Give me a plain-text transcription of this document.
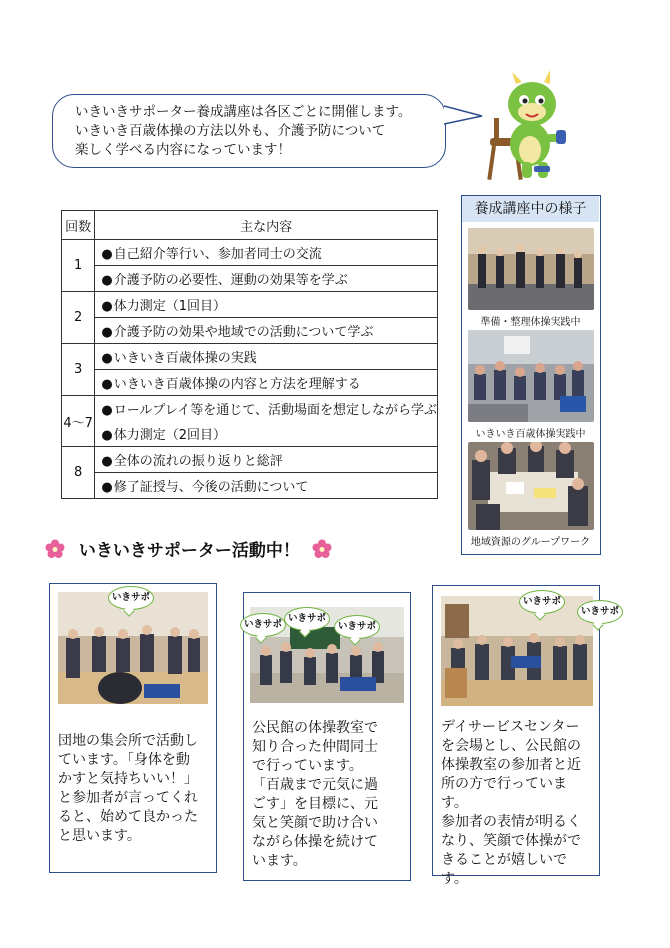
いきいきサポーター養成講座は各区ごとに開催します。
いきいき百歳体操の方法以外も、介護予防について
楽しく学べる内容になっています！
回数	主な内容
1	●自己紹介等行い、参加者同士の交流
	●介護予防の必要性、運動の効果等を学ぶ
2	●体力測定（1回目）
	●介護予防の効果や地域での活動について学ぶ
3	●いきいき百歳体操の実践
	●いきいき百歳体操の内容と方法を理解する
4～7	●ロールプレイ等を通じて、活動場面を想定しながら学ぶ
	●体力測定（2回目）
8	●全体の流れの振り返りと総評
	●修了証授与、今後の活動について
養成講座中の様子
準備・整理体操実践中
いきいき百歳体操実践中
地域資源のグループワーク
いきいきサポーター活動中！
いきサポ
団地の集会所で活動し
ています。「身体を動
かすと気持ちいい！」
と参加者が言ってくれ
ると、始めて良かった
と思います。
いきサポ
いきサポ
いきサポ
公民館の体操教室で
知り合った仲間同士
で行っています。
「百歳まで元気に過
ごす」を目標に、元
気と笑顔で助け合い
ながら体操を続けて
います。
いきサポ
いきサポ
デイサービスセンター
を会場とし、公民館の
体操教室の参加者と近
所の方で行っています。
参加者の表情が明るく
なり、笑顔で体操がで
きることが嬉しいです。
